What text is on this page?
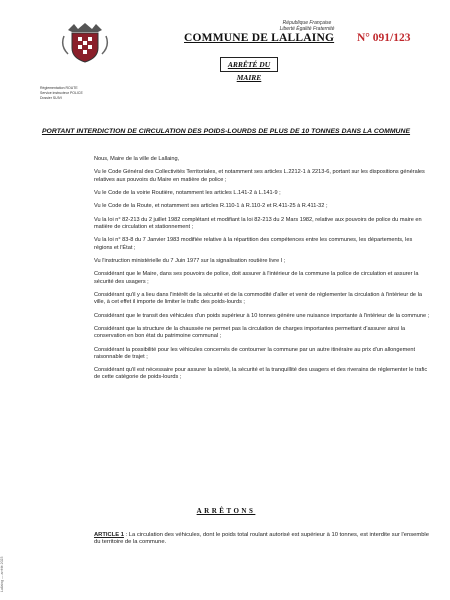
République Française
Liberté Égalité Fraternité
COMMUNE DE LALLAING N° 091/123
ARRÊTÉ DU MAIRE
Réglementation ROUTE
Service instructeur POLICE
Dossier SUIVI
PORTANT INTERDICTION DE CIRCULATION DES POIDS-LOURDS DE PLUS DE 10 TONNES DANS LA COMMUNE

Nous, Maire de la ville de Lallaing,

Vu le Code Général des Collectivités Territoriales, et notamment ses articles L.2212-1 à 2213-6, portant sur les dispositions générales relatives aux pouvoirs du Maire en matière de police ;

Vu le Code de la voirie Routière, notamment les articles L.141-2 à L.141-9 ;

Vu le Code de la Route, et notamment ses articles R.110-1 à R.110-2 et R.411-25 à R.411-32 ;

Vu la loi n° 82-213 du 2 juillet 1982 complétant et modifiant la loi 82-213 du 2 Mars 1982, relative aux pouvoirs de police du maire en matière de circulation et stationnement ;

Vu la loi n° 83-8 du 7 Janvier 1983 modifiée relative à la répartition des compétences entre les communes, les départements, les régions et l'État ;

Vu l'instruction ministérielle du 7 Juin 1977 sur la signalisation routière livre I ;

Considérant que le Maire, dans ses pouvoirs de police, doit assurer à l'intérieur de la commune la police de circulation et assurer la sécurité des usagers ;

Considérant qu'il y a lieu dans l'intérêt de la sécurité et de la commodité d'aller et venir de réglementer la circulation à l'intérieur de la ville, à cet effet il importe de limiter le trafic des poids-lourds ;

Considérant que le transit des véhicules d'un poids supérieur à 10 tonnes génère une nuisance importante à l'intérieur de la commune ;

Considérant que la structure de la chaussée ne permet pas la circulation de charges importantes permettant d'assurer ainsi la conservation en bon état du patrimoine communal ;

Considérant la possibilité pour les véhicules concernés de contourner la commune par un autre itinéraire au prix d'un allongement raisonnable de trajet ;

Considérant qu'il est nécessaire pour assurer la sûreté, la sécurité et la tranquillité des usagers et des riverains de réglementer le trafic de cette catégorie de poids-lourds ;

ARRÊTONS
ARTICLE 1 : La circulation des véhicules, dont le poids total roulant autorisé est supérieur à 10 tonnes, est interdite sur l'ensemble du territoire de la commune.
Lallaing — arrêté 2023
